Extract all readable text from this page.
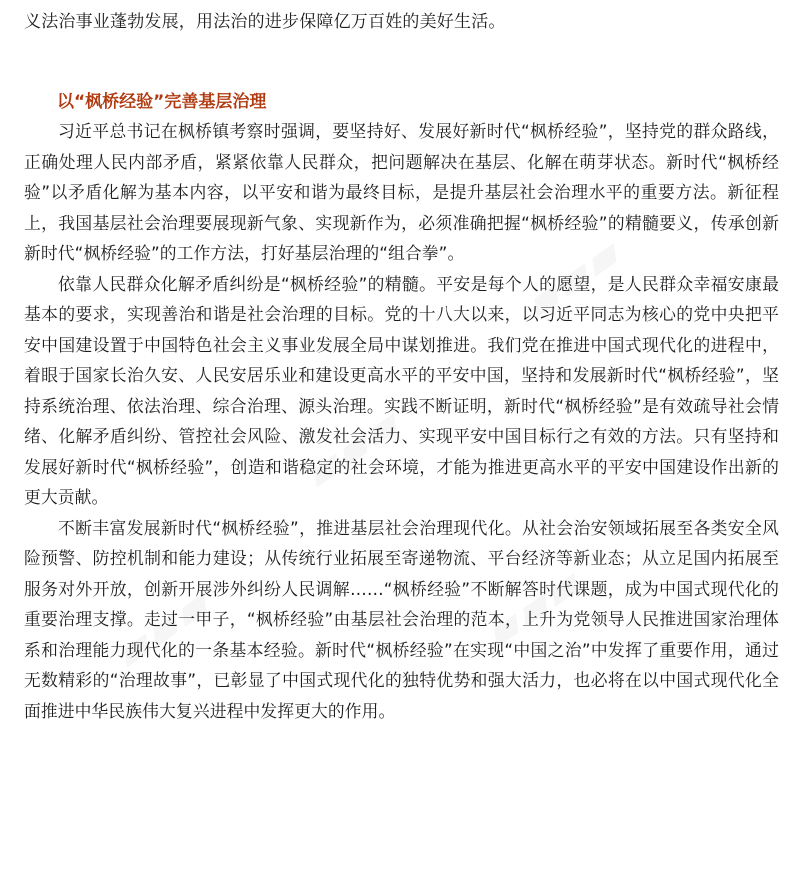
义法治事业蓬勃发展，用法治的进步保障亿万百姓的美好生活。
以“枫桥经验”完善基层治理

习近平总书记在枫桥镇考察时强调，要坚持好、发展好新时代“枫桥经验”，坚持党的群众路线，正确处理人民内部矛盾，紧紧依靠人民群众，把问题解决在基层、化解在萌芽状态。新时代“枫桥经验”以矛盾化解为基本内容，以平安和谐为最终目标，是提升基层社会治理水平的重要方法。新征程上，我国基层社会治理要展现新气象、实现新作为，必须准确把握“枫桥经验”的精髓要义，传承创新新时代“枫桥经验”的工作方法，打好基层治理的“组合拳”。

依靠人民群众化解矛盾纠纷是“枫桥经验”的精髓。平安是每个人的愿望，是人民群众幸福安康最基本的要求，实现善治和谐是社会治理的目标。党的十八大以来，以习近平同志为核心的党中央把平安中国建设置于中国特色社会主义事业发展全局中谋划推进。我们党在推进中国式现代化的进程中，着眼于国家长治久安、人民安居乐业和建设更高水平的平安中国，坚持和发展新时代“枫桥经验”，坚持系统治理、依法治理、综合治理、源头治理。实践不断证明，新时代“枫桥经验”是有效疏导社会情绪、化解矛盾纠纷、管控社会风险、激发社会活力、实现平安中国目标行之有效的方法。只有坚持和发展好新时代“枫桥经验”，创造和谐稳定的社会环境，才能为推进更高水平的平安中国建设作出新的更大贡献。

不断丰富发展新时代“枫桥经验”，推进基层社会治理现代化。从社会治安领域拓展至各类安全风险预警、防控机制和能力建设；从传统行业拓展至寄递物流、平台经济等新业态；从立足国内拓展至服务对外开放，创新开展涉外纠纷人民调解……“枫桥经验”不断解答时代课题，成为中国式现代化的重要治理支撑。走过一甲子，“枫桥经验”由基层社会治理的范本，上升为党领导人民推进国家治理体系和治理能力现代化的一条基本经验。新时代“枫桥经验”在实现“中国之治”中发挥了重要作用，通过无数精彩的“治理故事”，已彰显了中国式现代化的独特优势和强大活力，也必将在以中国式现代化全面推进中华民族伟大复兴进程中发挥更大的作用。
